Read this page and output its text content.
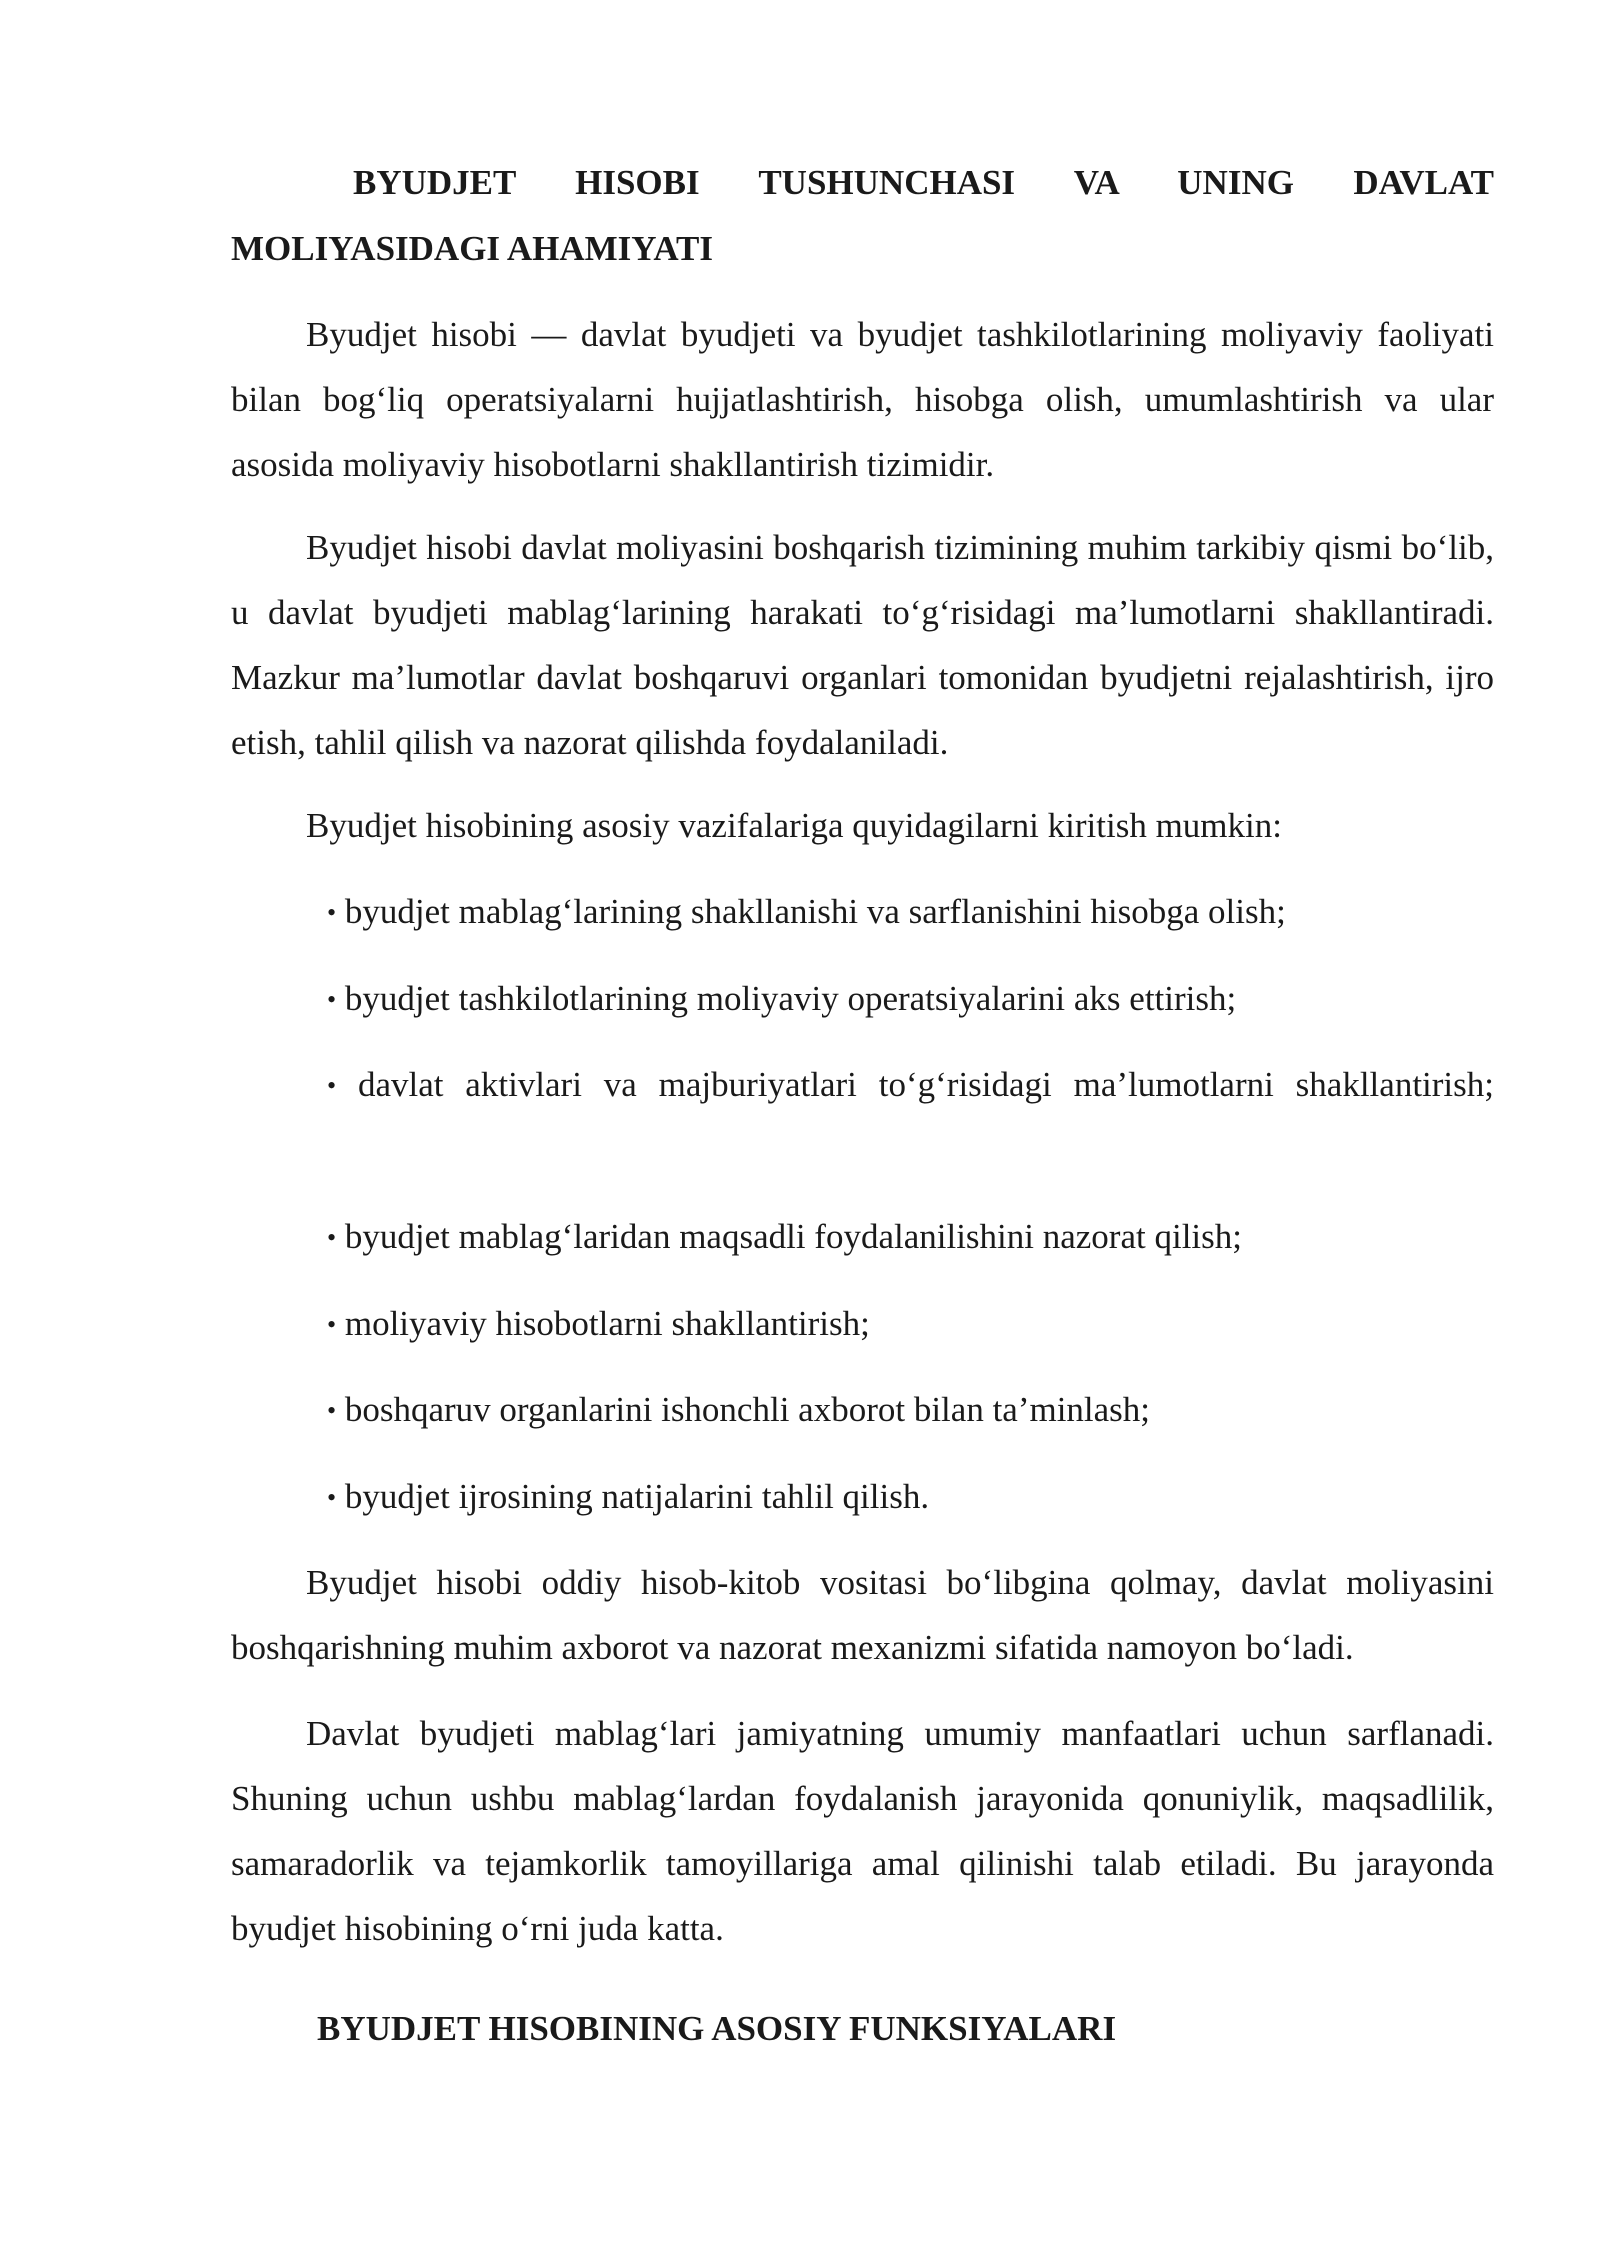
BYUDJET HISOBI TUSHUNCHASI VA UNING DAVLAT MOLIYASIDAGI AHAMIYATI

Byudjet hisobi — davlat byudjeti va byudjet tashkilotlarining moliyaviy faoliyati bilan bog‘liq operatsiyalarni hujjatlashtirish, hisobga olish, umumlashtirish va ular asosida moliyaviy hisobotlarni shakllantirish tizimidir.

Byudjet hisobi davlat moliyasini boshqarish tizimining muhim tarkibiy qismi bo‘lib, u davlat byudjeti mablag‘larining harakati to‘g‘risidagi ma’lumotlarni shakllantiradi. Mazkur ma’lumotlar davlat boshqaruvi organlari tomonidan byudjetni rejalashtirish, ijro etish, tahlil qilish va nazorat qilishda foydalaniladi.

Byudjet hisobining asosiy vazifalariga quyidagilarni kiritish mumkin:

• byudjet mablag‘larining shakllanishi va sarflanishini hisobga olish;
• byudjet tashkilotlarining moliyaviy operatsiyalarini aks ettirish;
• davlat aktivlari va majburiyatlari to‘g‘risidagi ma’lumotlarni shakllantirish;
• byudjet mablag‘laridan maqsadli foydalanilishini nazorat qilish;
• moliyaviy hisobotlarni shakllantirish;
• boshqaruv organlarini ishonchli axborot bilan ta’minlash;
• byudjet ijrosining natijalarini tahlil qilish.

Byudjet hisobi oddiy hisob-kitob vositasi bo‘libgina qolmay, davlat moliyasini boshqarishning muhim axborot va nazorat mexanizmi sifatida namoyon bo‘ladi.

Davlat byudjeti mablag‘lari jamiyatning umumiy manfaatlari uchun sarflanadi. Shuning uchun ushbu mablag‘lardan foydalanish jarayonida qonuniylik, maqsadlilik, samaradorlik va tejamkorlik tamoyillariga amal qilinishi talab etiladi. Bu jarayonda byudjet hisobining o‘rni juda katta.

BYUDJET HISOBINING ASOSIY FUNKSIYALARI
